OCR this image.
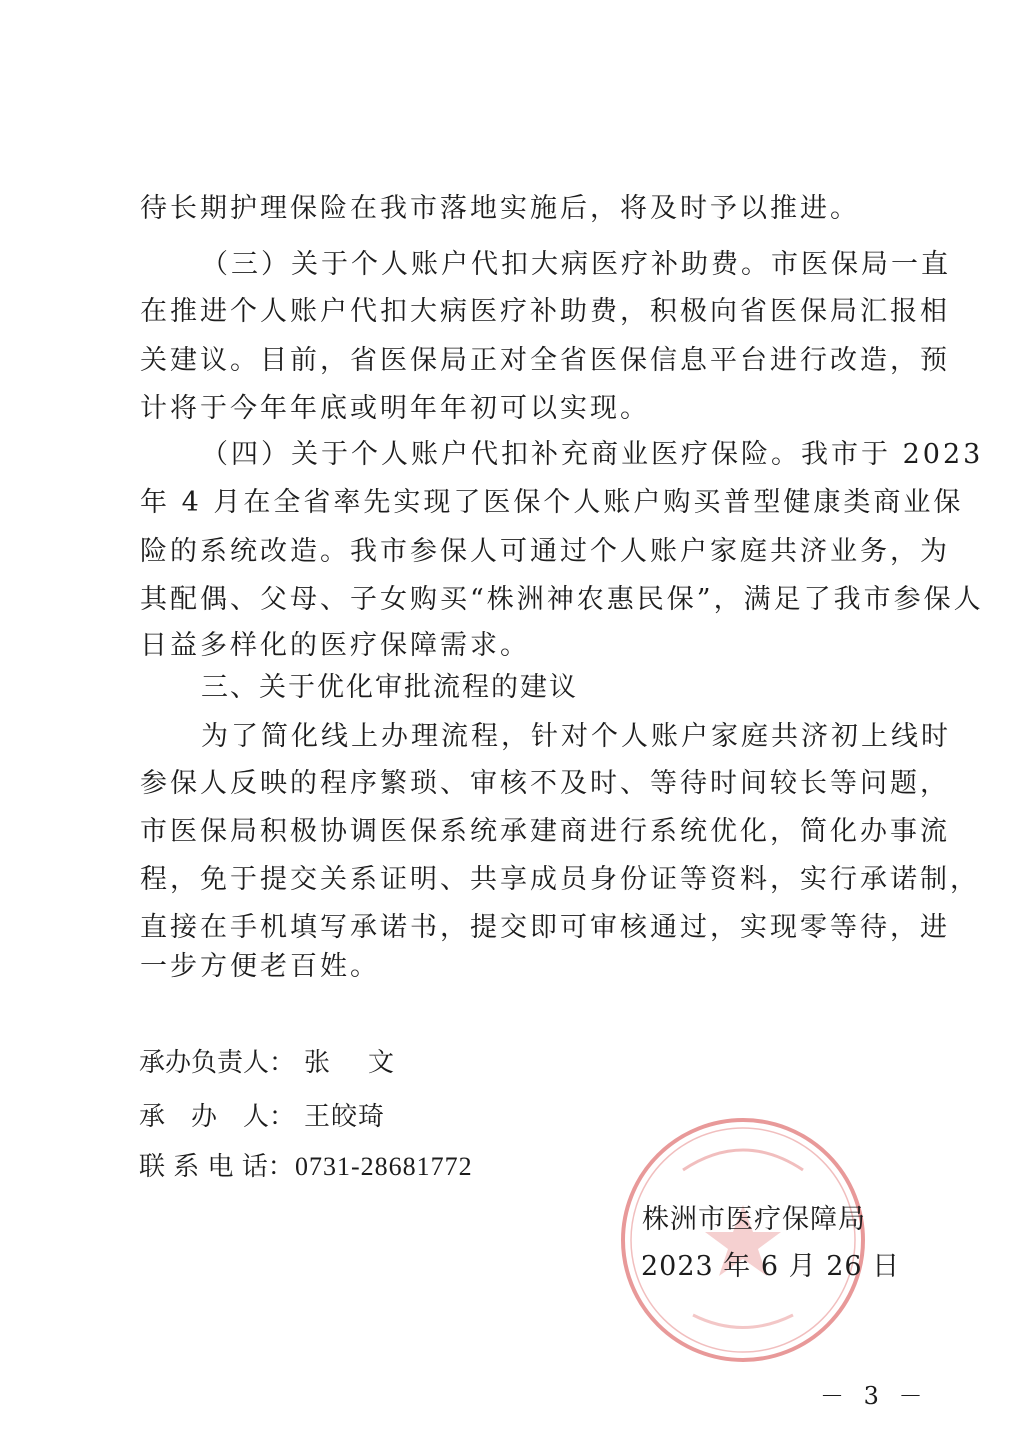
待长期护理保险在我市落地实施后，将及时予以推进。
（三）关于个人账户代扣大病医疗补助费。市医保局一直
在推进个人账户代扣大病医疗补助费，积极向省医保局汇报相
关建议。目前，省医保局正对全省医保信息平台进行改造，预
计将于今年年底或明年年初可以实现。
（四）关于个人账户代扣补充商业医疗保险。我市于 2023
年 4 月在全省率先实现了医保个人账户购买普型健康类商业保
险的系统改造。我市参保人可通过个人账户家庭共济业务，为
其配偶、父母、子女购买“株洲神农惠民保”，满足了我市参保人
日益多样化的医疗保障需求。
三、关于优化审批流程的建议
为了简化线上办理流程，针对个人账户家庭共济初上线时
参保人反映的程序繁琐、审核不及时、等待时间较长等问题，
市医保局积极协调医保系统承建商进行系统优化，简化办事流
程，免于提交关系证明、共享成员身份证等资料，实行承诺制，
直接在手机填写承诺书，提交即可审核通过，实现零等待，进
一步方便老百姓。
承办负责人： 张　文
承　办　人： 王皎琦
联 系 电 话： 0731-28681772
株洲市医疗保障局
2023 年 6 月 26 日
－ 3 －
